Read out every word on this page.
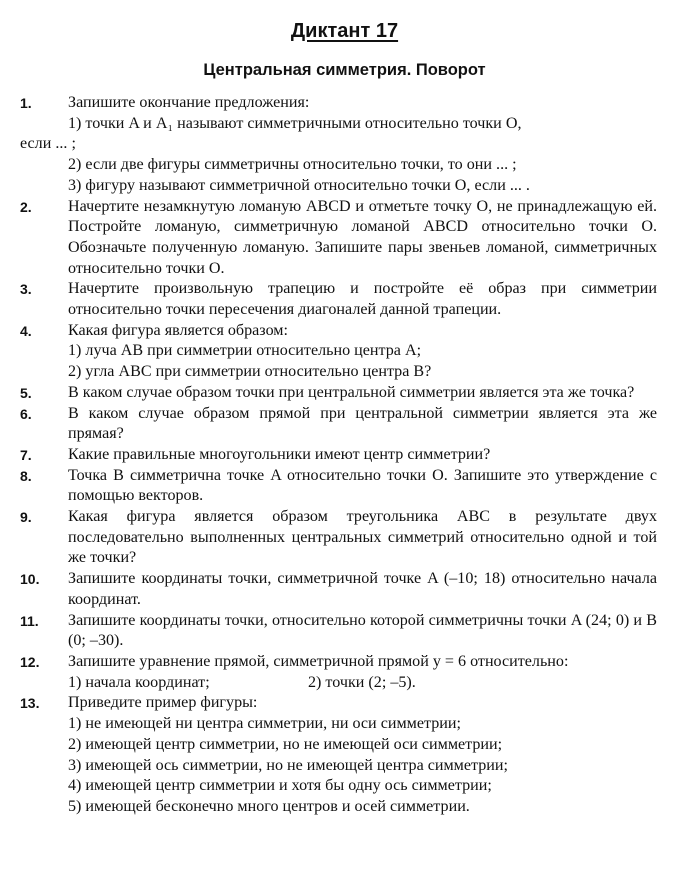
Диктант 17
Центральная симметрия. Поворот
1. Запишите окончание предложения:
1) точки A и A₁ называют симметричными относительно точки O,
если ... ;
2) если две фигуры симметричны относительно точки, то они ... ;
3) фигуру называют симметричной относительно точки O, если ... .
2. Начертите незамкнутую ломаную ABCD и отметьте точку O, не принадлежащую ей. Постройте ломаную, симметричную ломаной ABCD относительно точки O. Обозначьте полученную ломаную. Запишите пары звеньев ломаной, симметричных относительно точки O.
3. Начертите произвольную трапецию и постройте её образ при симметрии относительно точки пересечения диагоналей данной трапеции.
4. Какая фигура является образом:
1) луча AB при симметрии относительно центра A;
2) угла ABC при симметрии относительно центра B?
5. В каком случае образом точки при центральной симметрии является эта же точка?
6. В каком случае образом прямой при центральной симметрии является эта же прямая?
7. Какие правильные многоугольники имеют центр симметрии?
8. Точка B симметрична точке A относительно точки O. Запишите это утверждение с помощью векторов.
9. Какая фигура является образом треугольника ABC в результате двух последовательно выполненных центральных симметрий относительно одной и той же точки?
10. Запишите координаты точки, симметричной точке A (–10; 18) относительно начала координат.
11. Запишите координаты точки, относительно которой симметричны точки A (24; 0) и B (0; –30).
12. Запишите уравнение прямой, симметричной прямой y = 6 относительно:
1) начала координат;	2) точки (2; –5).
13. Приведите пример фигуры:
1) не имеющей ни центра симметрии, ни оси симметрии;
2) имеющей центр симметрии, но не имеющей оси симметрии;
3) имеющей ось симметрии, но не имеющей центра симметрии;
4) имеющей центр симметрии и хотя бы одну ось симметрии;
5) имеющей бесконечно много центров и осей симметрии.
